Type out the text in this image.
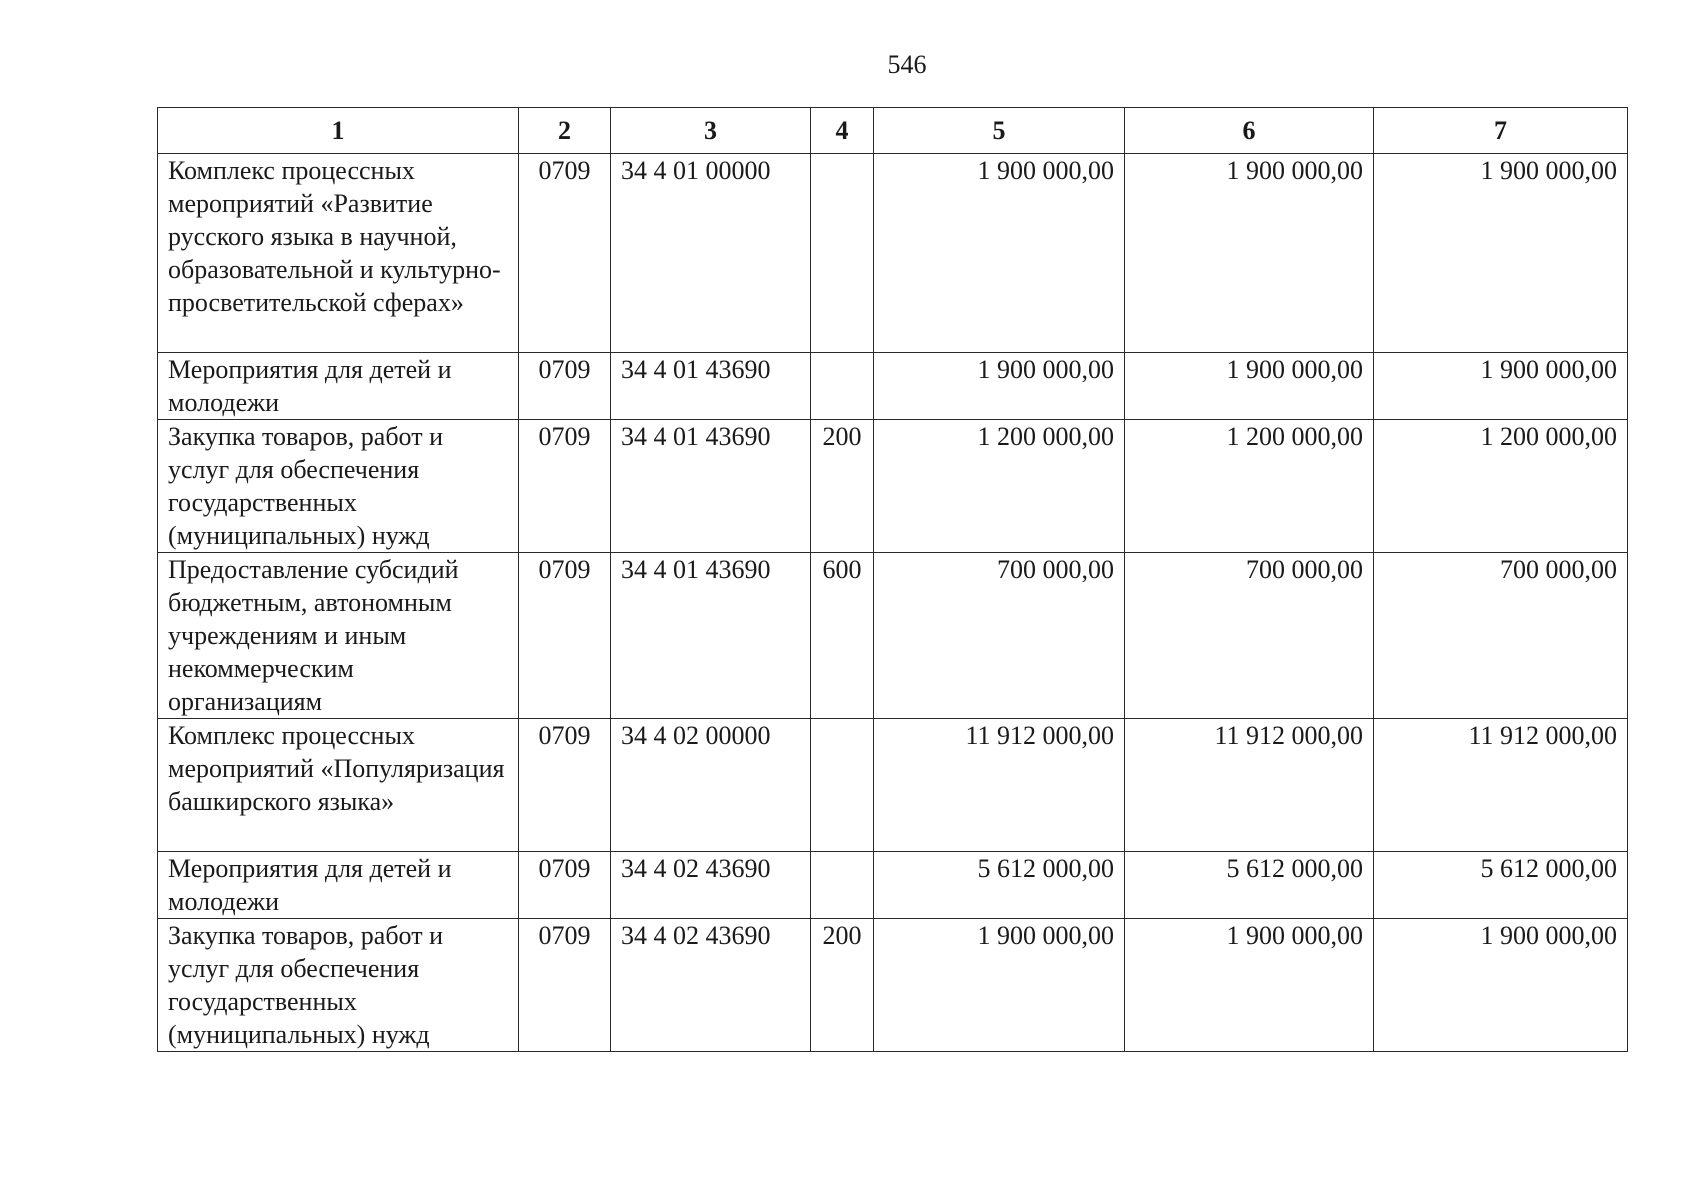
546
1	2	3	4	5	6	7
Комплекс процессных мероприятий «Развитие русского языка в научной, образовательной и культурно-просветительской сферах»	0709	34 4 01 00000		1 900 000,00	1 900 000,00	1 900 000,00
Мероприятия для детей и молодежи	0709	34 4 01 43690		1 900 000,00	1 900 000,00	1 900 000,00
Закупка товаров, работ и услуг для обеспечения государственных (муниципальных) нужд	0709	34 4 01 43690	200	1 200 000,00	1 200 000,00	1 200 000,00
Предоставление субсидий бюджетным, автономным учреждениям и иным некоммерческим организациям	0709	34 4 01 43690	600	700 000,00	700 000,00	700 000,00
Комплекс процессных мероприятий «Популяризация башкирского языка»	0709	34 4 02 00000		11 912 000,00	11 912 000,00	11 912 000,00
Мероприятия для детей и молодежи	0709	34 4 02 43690		5 612 000,00	5 612 000,00	5 612 000,00
Закупка товаров, работ и услуг для обеспечения государственных (муниципальных) нужд	0709	34 4 02 43690	200	1 900 000,00	1 900 000,00	1 900 000,00
